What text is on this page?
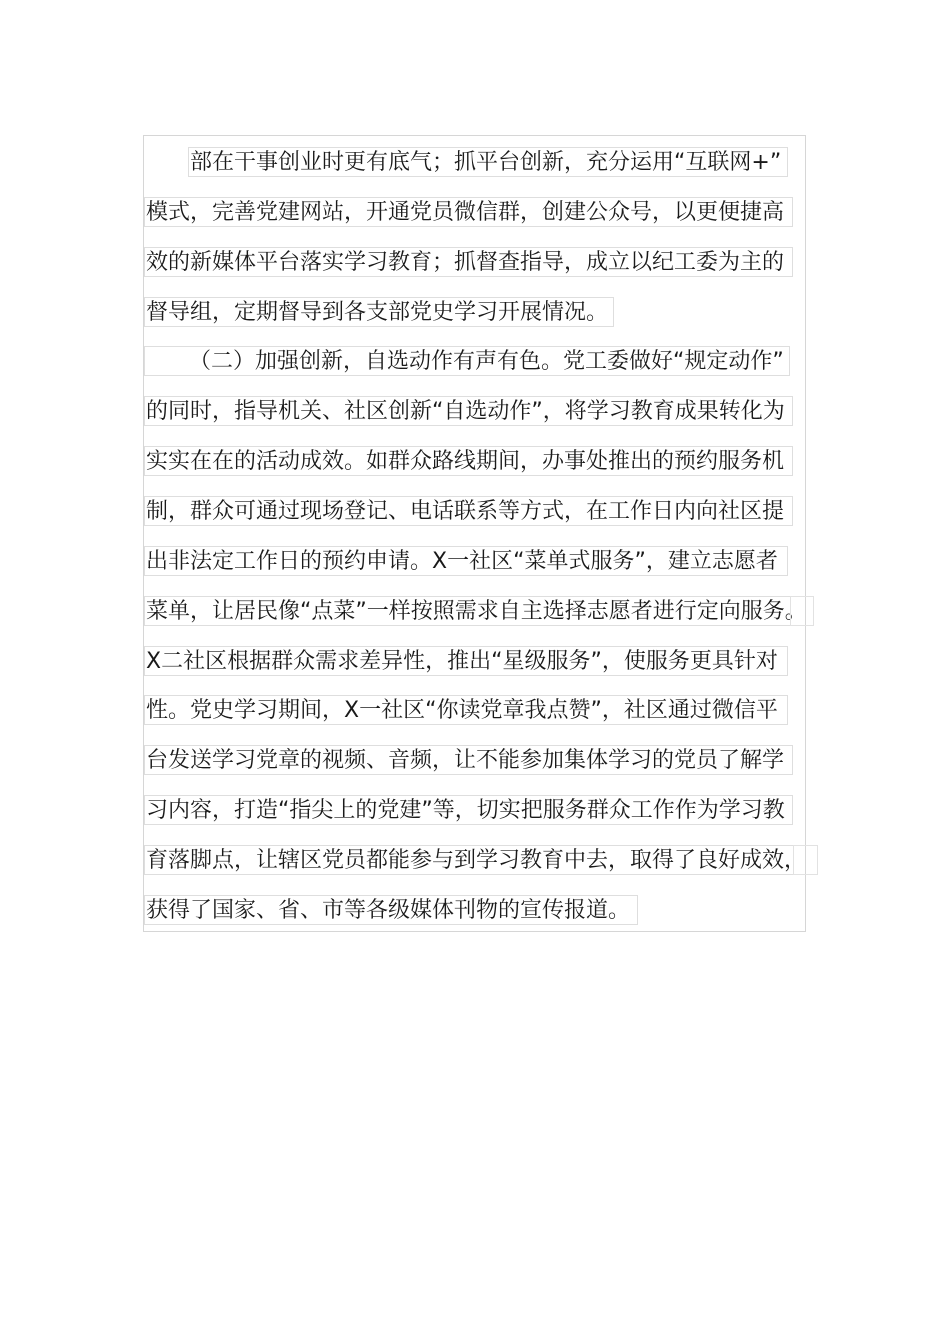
部在干事创业时更有底气；抓平台创新，充分运用“互联网+”
模式，完善党建网站，开通党员微信群，创建公众号，以更便捷高
效的新媒体平台落实学习教育；抓督查指导，成立以纪工委为主的
督导组，定期督导到各支部党史学习开展情况。
（二）加强创新，自选动作有声有色。党工委做好“规定动作”
的同时，指导机关、社区创新“自选动作”，将学习教育成果转化为
实实在在的活动成效。如群众路线期间，办事处推出的预约服务机
制，群众可通过现场登记、电话联系等方式，在工作日内向社区提
出非法定工作日的预约申请。X一社区“菜单式服务”，建立志愿者
菜单，让居民像“点菜”一样按照需求自主选择志愿者进行定向服务。
X二社区根据群众需求差异性，推出“星级服务”，使服务更具针对
性。党史学习期间，X一社区“你读党章我点赞”，社区通过微信平
台发送学习党章的视频、音频，让不能参加集体学习的党员了解学
习内容，打造“指尖上的党建”等，切实把服务群众工作作为学习教
育落脚点，让辖区党员都能参与到学习教育中去，取得了良好成效，
获得了国家、省、市等各级媒体刊物的宣传报道。
